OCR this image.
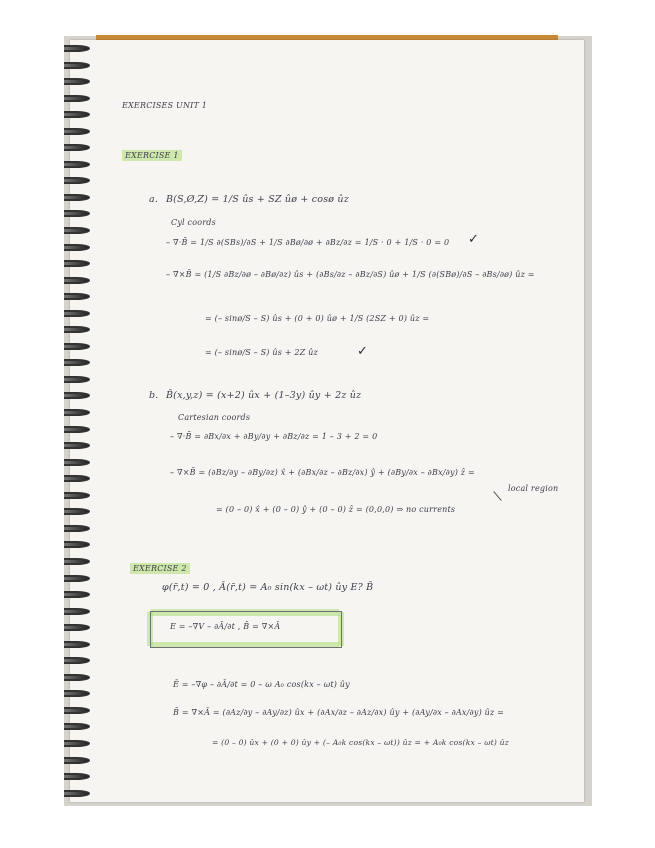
EXERCISES UNIT 1
EXERCISE 1
a. B(S,Ø,Z) = 1/S ûs + SZ ûø + cosø ûz
Cyl coords
– ∇·B̄ = 1/S ∂(SBs)/∂S + 1/S ∂Bø/∂ø + ∂Bz/∂z = 1/S · 0 + 1/S · 0 = 0 ✓
– ∇×B̄ = (1/S ∂Bz/∂ø – ∂Bø/∂z) ûs + (∂Bs/∂z – ∂Bz/∂S) ûø + 1/S (∂(SBø)/∂S – ∂Bs/∂ø) ûz =
= (– sinø/S – S) ûs + (0 + 0) ûø + 1/S (2SZ + 0) ûz =
= (– sinø/S – S) ûs + 2Z ûz	✓
b. B̄(x,y,z) = (x+2) ûx + (1–3y) ûy + 2z ûz
Cartesian coords
– ∇·B̄ = ∂Bx/∂x + ∂By/∂y + ∂Bz/∂z = 1 – 3 + 2 = 0
– ∇×B̄ = (∂Bz/∂y – ∂By/∂z) x̂ + (∂Bx/∂z – ∂Bz/∂x) ŷ + (∂By/∂x – ∂Bx/∂y) ẑ =
local region
= (0 – 0) x̂ + (0 – 0) ŷ + (0 – 0) ẑ = (0,0,0) ⇒ no currents
EXERCISE 2
φ(r̄,t) = 0 , Ā(r̄,t) = A₀ sin(kx – ωt) ûy E? B̄
E = –∇V – ∂Ā/∂t , B̄ = ∇×Ā
Ē = –∇φ – ∂Ā/∂t = 0 – ω A₀ cos(kx – ωt) ûy
B̄ = ∇×Ā = (∂Az/∂y – ∂Ay/∂z) ûx + (∂Ax/∂z – ∂Az/∂x) ûy + (∂Ay/∂x – ∂Ax/∂y) ûz =
= (0 – 0) ûx + (0 + 0) ûy + (– A₀k cos(kx – ωt)) ûz = + A₀k cos(kx – ωt) ûz
